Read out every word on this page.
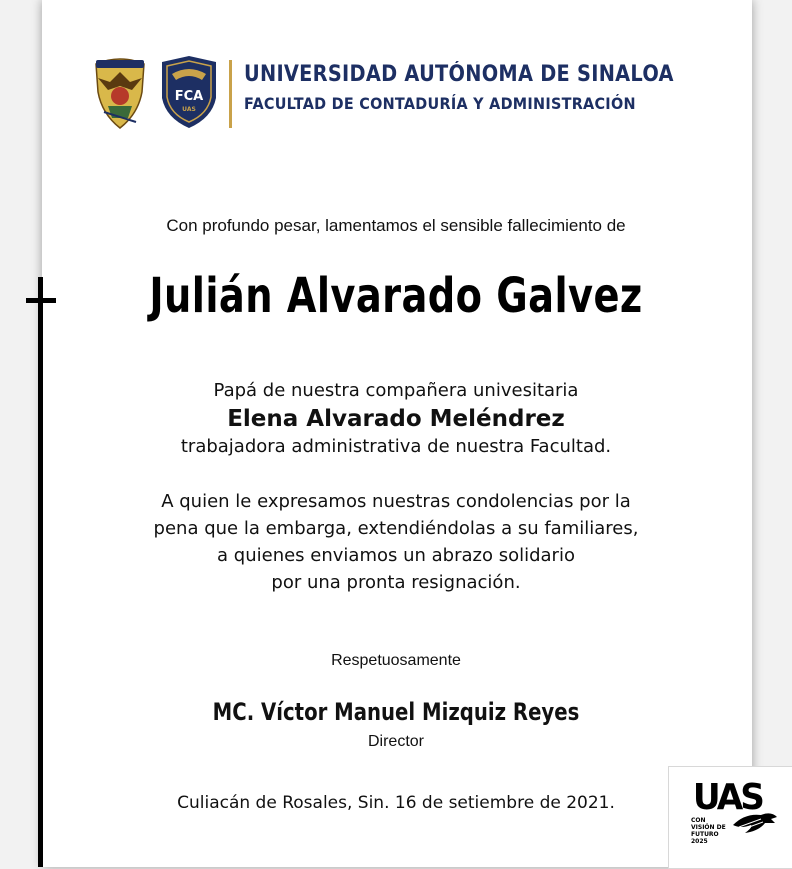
FCA
UAS
UNIVERSIDAD AUTÓNOMA DE SINALOA
FACULTAD DE CONTADURÍA Y ADMINISTRACIÓN
Con profundo pesar, lamentamos el sensible fallecimiento de
Julián Alvarado Galvez
Papá de nuestra compañera univesitaria
Elena Alvarado Meléndrez
trabajadora administrativa de nuestra Facultad.
A quien le expresamos nuestras condolencias por la
pena que la embarga, extendiéndolas a su familiares,
a quienes enviamos un abrazo solidario
por una pronta resignación.
Respetuosamente
MC. Víctor Manuel Mizquiz Reyes
Director
Culiacán de Rosales, Sin. 16 de setiembre de 2021.	UAS
CON VISIÓN DE FUTURO 2025
